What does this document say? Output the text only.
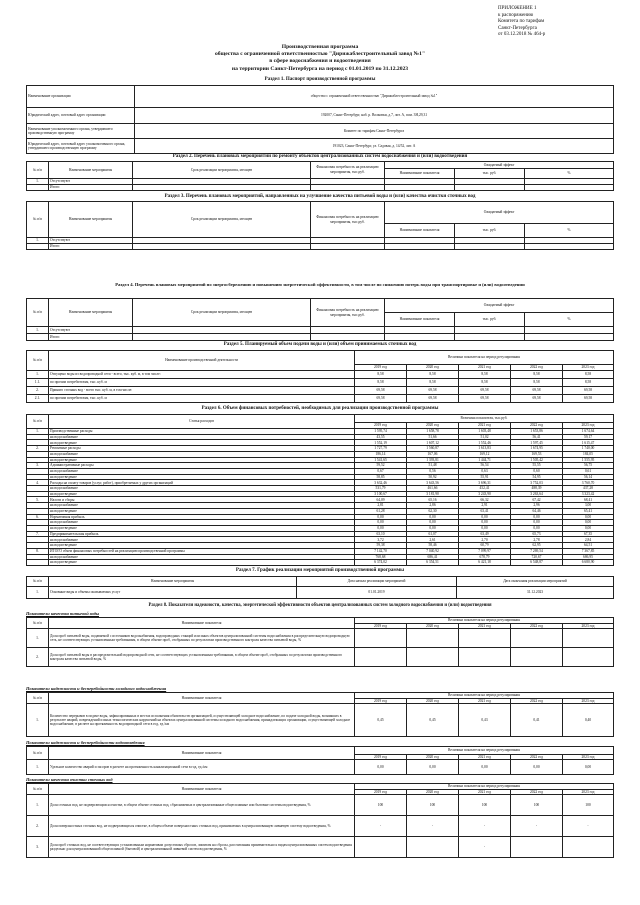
ПРИЛОЖЕНИЕ 1
к распоряжению
Комитета по тарифам
Санкт-Петербурга
от 03.12.2018 № 464-р
Производственная программа
общества с ограниченной ответственностью "Дирижаблестроительный завод №1"
в сфере водоснабжения и водоотведения
на территории Санкт-Петербурга на период с 01.01.2019 по 31.12.2023
Раздел 1. Паспорт производственной программы
Наименование организации	общество с ограниченной ответственностью "Дирижаблестроительный завод №1"
Юридический адрес, почтовый адрес организации	192007, Санкт-Петербург, наб. р. Волковки, д.7, лит. А, пом. 3Н,29,31
Наименование уполномоченного органа, утвердившего производственную программу	Комитет по тарифам Санкт-Петербурга
Юридический адрес, почтовый адрес уполномоченного органа, утвердившего производственную программу	191023, Санкт-Петербург, ул. Садовая, д. 14/52, лит. А
Раздел 2. Перечень плановых мероприятий по ремонту объектов централизованных систем водоснабжения и (или) водоотведения
№ п/п	Наименование мероприятия	Срок реализации мероприятия, месяцев	Финансовая потребность на реализацию мероприятия, тыс.руб.	Ожидаемый эффект		
				Наименование показателя	тыс. руб.	%
1.	Отсутствуют					
	Итого:					
Раздел 3. Перечень плановых мероприятий, направленных на улучшение качества питьевой воды и (или) качества очистки сточных вод
№ п/п	Наименование мероприятия	Срок реализации мероприятия, месяцев	Финансовая потребность на реализацию мероприятия, тыс.руб.	Ожидаемый эффект		
				Наименование показателя	тыс. руб.	%
1.	Отсутствуют					
	Итого:					
Раздел 4. Перечень плановых мероприятий по энергосбережению и повышению энергетической эффективности, в том числе по снижению потерь воды при транспортировке и (или) водоотведении
№ п/п	Наименование мероприятия	Срок реализации мероприятия, месяцев	Финансовая потребность на реализацию мероприятия, тыс.руб.	Ожидаемый эффект		
				Наименование показателя	тыс. руб.	%
1.	Отсутствуют					
	Итого:					
Раздел 5. Планируемый объем подачи воды и (или) объем принимаемых сточных вод
№ п/п	Наименование производственной деятельности	Величина показателя на период регулирования				
		2019 год	2020 год	2021 год	2022 год	2023 год
1.	Отпущено воды из водопроводной сети - всего, тыс. куб. м, в том числе:	8,58	8,58	8,58	8,58	8,58
1.1.	по прочим потребителям, тыс. куб. м	8,58	8,58	8,58	8,58	8,58
2.	Принято сточных вод - всего тыс. куб. м, в том числе:	69,58	69,58	69,58	69,58	69,58
2.1.	по прочим потребителям, тыс. куб. м	69,58	69,58	69,58	69,58	69,58
Раздел 6. Объем финансовых потребностей, необходимых для реализации производственной программы
№ п/п	Статья расходов	Величина показателя, тыс.руб.				
		2019 год	2020 год	2021 год	2022 год	2023 год
1.	Производственные расходы	1 595,74	1 658,78	1 603,48	1 653,86	1 674,64
	на водоснабжение	43,55	51,66	51,02	56,41	59,17
	на водоотведение	1 552,19	1 607,12	1 552,46	1 597,45	1 615,47
2.	Ремонтные расходы	1 727,79	1 560,87	1 613,83	1 674,95	1 740,00
	на водоснабжение	186,14	167,06	169,12	169,53	184,05
	на водоотведение	1 541,65	1 393,81	1 444,71	1 505,42	1 555,95
3.	Административные расходы	59,52	51,48	56,54	55,55	56,75
	на водоснабжение	0,67	0,56	0,63	0,60	0,61
	на водоотведение	58,85	50,92	55,91	54,95	56,14
4.	Расходы на оплату товаров (услуг, работ), приобретаемых у других организаций	3 632,46	3 643,56	3 696,31	3 752,03	3 760,70
	на водоснабжение	531,79	461,66	452,41	488,39	437,28
	на водоотведение	3 100,67	3 181,90	3 243,90	3 263,64	3 323,42
5.	Налоги и сборы	64,09	65,16	66,32	67,42	68,41
	на водоснабжение	2,81	2,86	2,91	2,96	3,00
	на водоотведение	61,28	62,30	63,41	64,46	65,41
6.	Нормативная прибыль	0,00	0,00	0,00	0,00	0,00
	на водоснабжение	0,00	0,00	0,00	0,00	0,00
	на водоотведение	0,00	0,00	0,00	0,00	0,00
7.	Предпринимательская прибыль	63,10	61,07	63,49	65,73	67,35
	на водоснабжение	3,72	2,61	2,70	2,78	2,84
	на водоотведение	59,38	58,46	60,79	62,95	64,51
8.	ИТОГО объем финансовых потребностей на реализацию производственной программы	7 142,70	7 040,92	7 099,97	7 269,54	7 367,85
	на водоснабжение	768,68	686,41	678,79	720,67	686,95
	на водоотведение	6 374,02	6 354,51	6 421,18	6 548,87	6 680,90
Раздел 7. График реализации мероприятий производственной программы
№ п/п	Наименование мероприятия	Дата начала реализации мероприятий	Дата окончания реализации мероприятий
1.	Основные виды и объемы оказываемых услуг	01.01.2019	31.12.2023
Раздел 8. Показатели надежности, качества, энергетической эффективности объектов централизованных систем холодного водоснабжения и (или) водоотведения
Показатели качества питьевой воды
№ п/п	Наименование показателя	Величина показателя на период регулирования				
		2019 год	2020 год	2021 год	2022 год	2023 год
1.	Доля проб питьевой воды, подаваемой с источников водоснабжения, водопроводных станций или иных объектов централизованной системы водоснабжения в распределительную водопроводную сеть, не соответствующих установленным требованиям, в общем объеме проб, отобранных по результатам производственного контроля качества питьевой воды, %					
2.	Доля проб питьевой воды в распределительной водопроводной сети, не соответствующих установленным требованиям, в общем объеме проб, отобранных по результатам производственного контроля качества питьевой воды, %					
Показатели надежности и бесперебойности холодного водоснабжения
№ п/п	Наименование показателя	Величина показателя на период регулирования				
		2019 год	2020 год	2021 год	2022 год	2023 год
1.	Количество перерывов в подаче воды, зафиксированных в местах исполнения обязательств организацией, осуществляющей холодное водоснабжение, по подаче холодной воды, возникших в результате аварий, повреждений и иных технологических нарушений на объектах централизованной системы холодного водоснабжения, принадлежащих организации, осуществляющей холодное водоснабжение, в расчете на протяженность водопроводной сети в год, ед./км	0,45	0,45	0,43	0,41	0,40
Показатели надежности и бесперебойности водоотведения
№ п/п	Наименование показателя	Величина показателя на период регулирования				
		2019 год	2020 год	2021 год	2022 год	2023 год
1.	Удельное количество аварий и засоров в расчете на протяженность канализационной сети в год, ед./км	0,00	0,00	0,00	0,00	0,00
Показатели качества очистки сточных вод
№ п/п	Наименование показателя	Величина показателя на период регулирования				
		2019 год	2020 год	2021 год	2022 год	2023 год
1.	Доля сточных вод, не подвергающихся очистке, в общем объеме сточных вод, сбрасываемых в централизованные общесплавные или бытовые системы водоотведения, %	100	100	100	100	100
2.	Доля поверхностных сточных вод, не подвергающихся очистке, в общем объеме поверхностных сточных вод, принимаемых в централизованную ливневую систему водоотведения, %	-	-	-	-	-
3.	Доля проб сточных вод, не соответствующих установленным нормативам допустимых сбросов, лимитам на сбросы, рассчитанная применительно к видам централизованных систем водоотведения раздельно для централизованной общесплавной (бытовой) и централизованной ливневой систем водоотведения, %			-		
